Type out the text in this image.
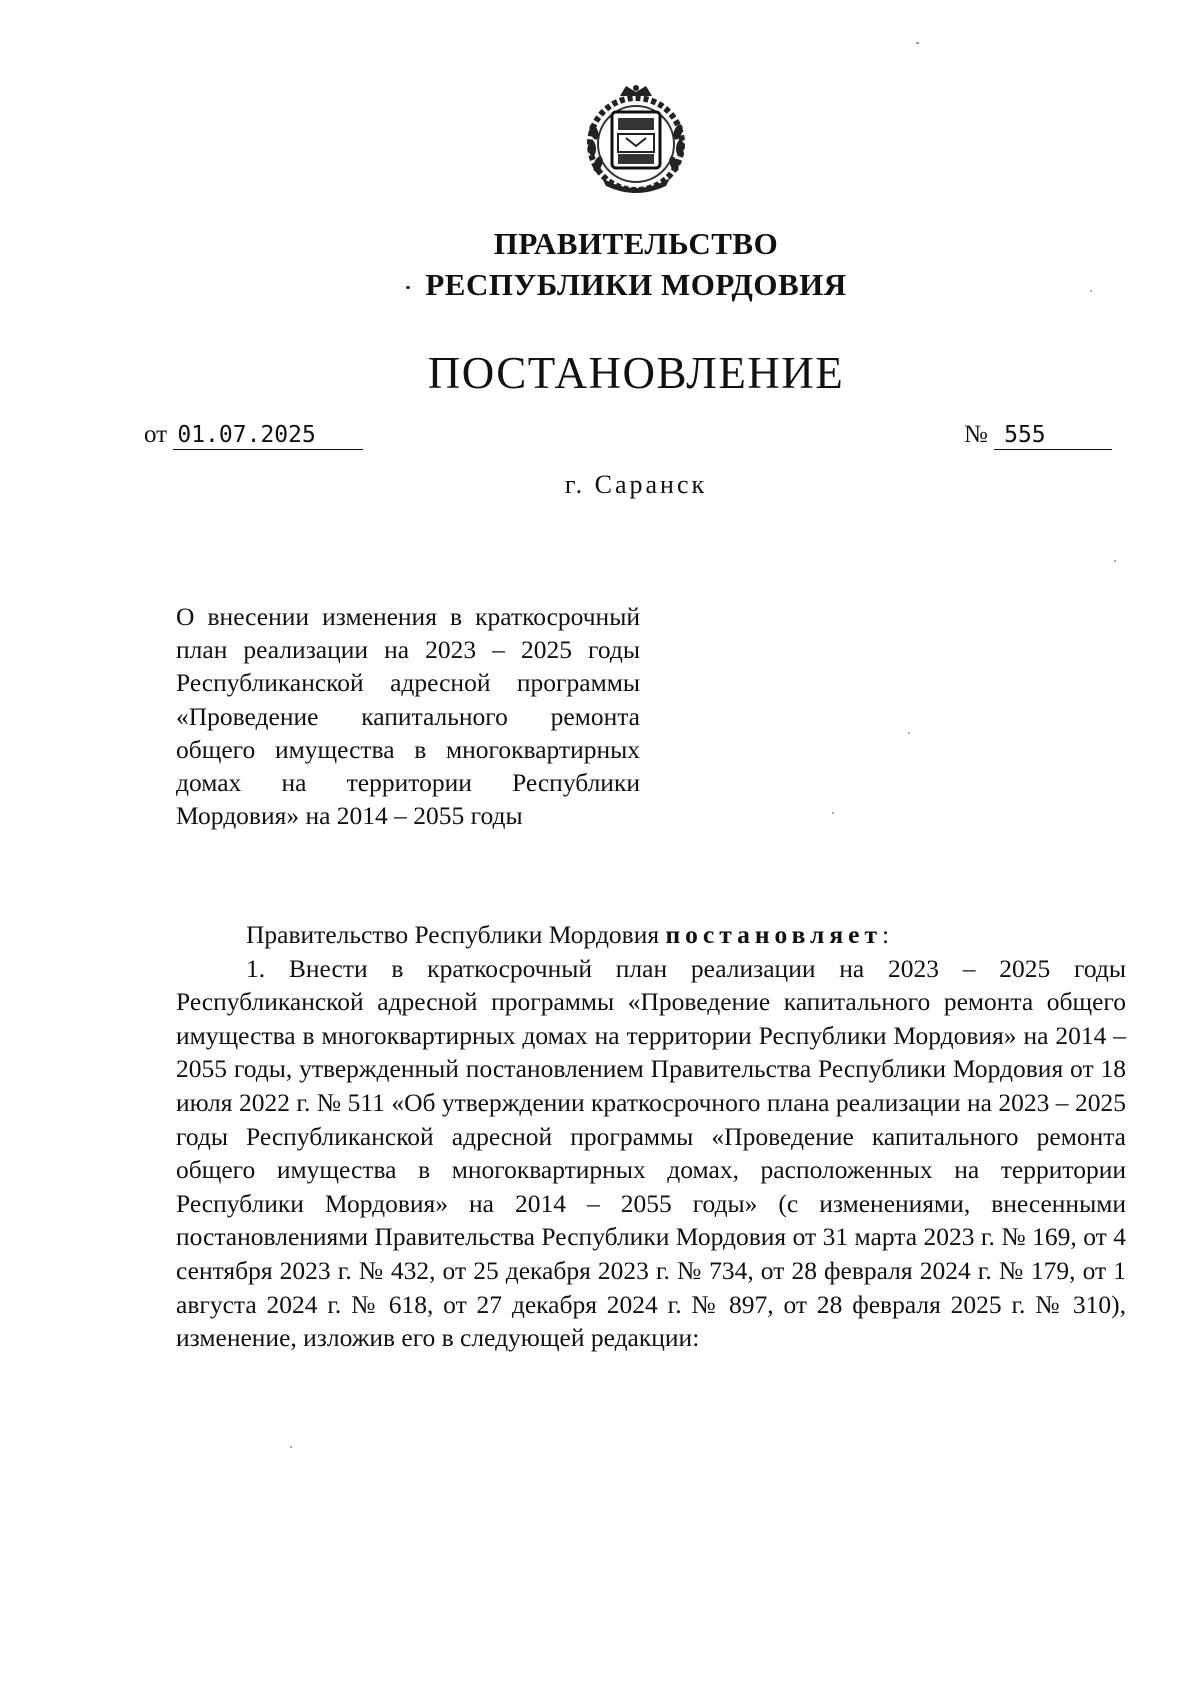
ПРАВИТЕЛЬСТВО
РЕСПУБЛИКИ МОРДОВИЯ
ПОСТАНОВЛЕНИЕ
от 01.07.2025	№ 555
г. Саранск
О внесении изменения в краткосрочный план реализации на 2023 – 2025 годы Республиканской адресной программы «Проведение капитального ремонта общего имущества в многоквартирных домах на территории Республики Мордовия» на 2014 – 2055 годы

Правительство Республики Мордовия постановляет:

1. Внести в краткосрочный план реализации на 2023 – 2025 годы Республиканской адресной программы «Проведение капитального ремонта общего имущества в многоквартирных домах на территории Республики Мордовия» на 2014 – 2055 годы, утвержденный постановлением Правительства Республики Мордовия от 18 июля 2022 г. № 511 «Об утверждении краткосрочного плана реализации на 2023 – 2025 годы Республиканской адресной программы «Проведение капитального ремонта общего имущества в многоквартирных домах, расположенных на территории Республики Мордовия» на 2014 – 2055 годы» (с изменениями, внесенными постановлениями Правительства Республики Мордовия от 31 марта 2023 г. № 169, от 4 сентября 2023 г. № 432, от 25 декабря 2023 г. № 734, от 28 февраля 2024 г. № 179, от 1 августа 2024 г. № 618, от 27 декабря 2024 г. № 897, от 28 февраля 2025 г. № 310), изменение, изложив его в следующей редакции:
